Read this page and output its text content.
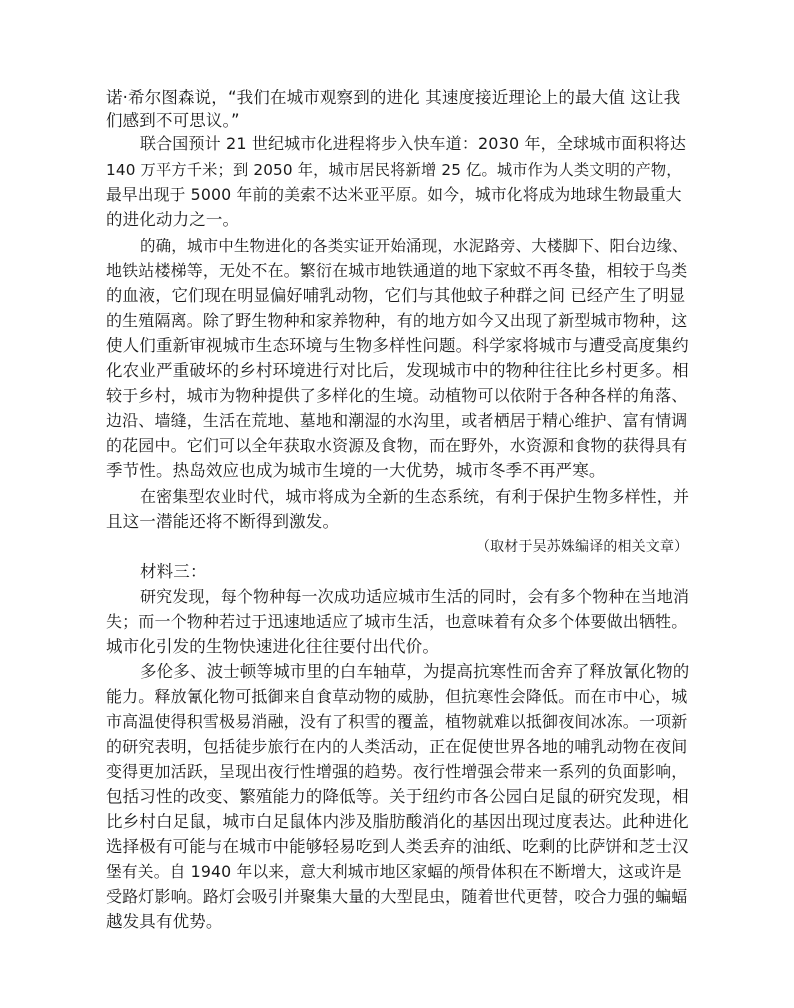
诺·希尔图森说，“我们在城市观察到的进化 其速度接近理论上的最大值 这让我
们感到不可思议。”
联合国预计 21 世纪城市化进程将步入快车道：2030 年，全球城市面积将达
140 万平方千米；到 2050 年，城市居民将新增 25 亿。城市作为人类文明的产物，
最早出现于 5000 年前的美索不达米亚平原。如今，城市化将成为地球生物最重大
的进化动力之一。
的确，城市中生物进化的各类实证开始涌现，水泥路旁、大楼脚下、阳台边缘、
地铁站楼梯等，无处不在。繁衍在城市地铁通道的地下家蚊不再冬蛰，相较于鸟类
的血液，它们现在明显偏好哺乳动物，它们与其他蚊子种群之间 已经产生了明显
的生殖隔离。除了野生物种和家养物种，有的地方如今又出现了新型城市物种，这
使人们重新审视城市生态环境与生物多样性问题。科学家将城市与遭受高度集约
化农业严重破坏的乡村环境进行对比后，发现城市中的物种往往比乡村更多。相
较于乡村，城市为物种提供了多样化的生境。动植物可以依附于各种各样的角落、
边沿、墙缝，生活在荒地、墓地和潮湿的水沟里，或者栖居于精心维护、富有情调
的花园中。它们可以全年获取水资源及食物，而在野外，水资源和食物的获得具有
季节性。热岛效应也成为城市生境的一大优势，城市冬季不再严寒。
在密集型农业时代，城市将成为全新的生态系统，有利于保护生物多样性，并
且这一潜能还将不断得到激发。
（取材于吴苏姝编译的相关文章）
材料三：
研究发现，每个物种每一次成功适应城市生活的同时，会有多个物种在当地消
失；而一个物种若过于迅速地适应了城市生活，也意味着有众多个体要做出牺牲。
城市化引发的生物快速进化往往要付出代价。
多伦多、波士顿等城市里的白车轴草，为提高抗寒性而舍弃了释放氰化物的
能力。释放氰化物可抵御来自食草动物的威胁，但抗寒性会降低。而在市中心，城
市高温使得积雪极易消融，没有了积雪的覆盖，植物就难以抵御夜间冰冻。一项新
的研究表明，包括徒步旅行在内的人类活动，正在促使世界各地的哺乳动物在夜间
变得更加活跃，呈现出夜行性增强的趋势。夜行性增强会带来一系列的负面影响，
包括习性的改变、繁殖能力的降低等。关于纽约市各公园白足鼠的研究发现，相
比乡村白足鼠，城市白足鼠体内涉及脂肪酸消化的基因出现过度表达。此种进化
选择极有可能与在城市中能够轻易吃到人类丢弃的油纸、吃剩的比萨饼和芝士汉
堡有关。自 1940 年以来，意大利城市地区家蝠的颅骨体积在不断增大，这或许是
受路灯影响。路灯会吸引并聚集大量的大型昆虫，随着世代更替，咬合力强的蝙蝠
越发具有优势。
